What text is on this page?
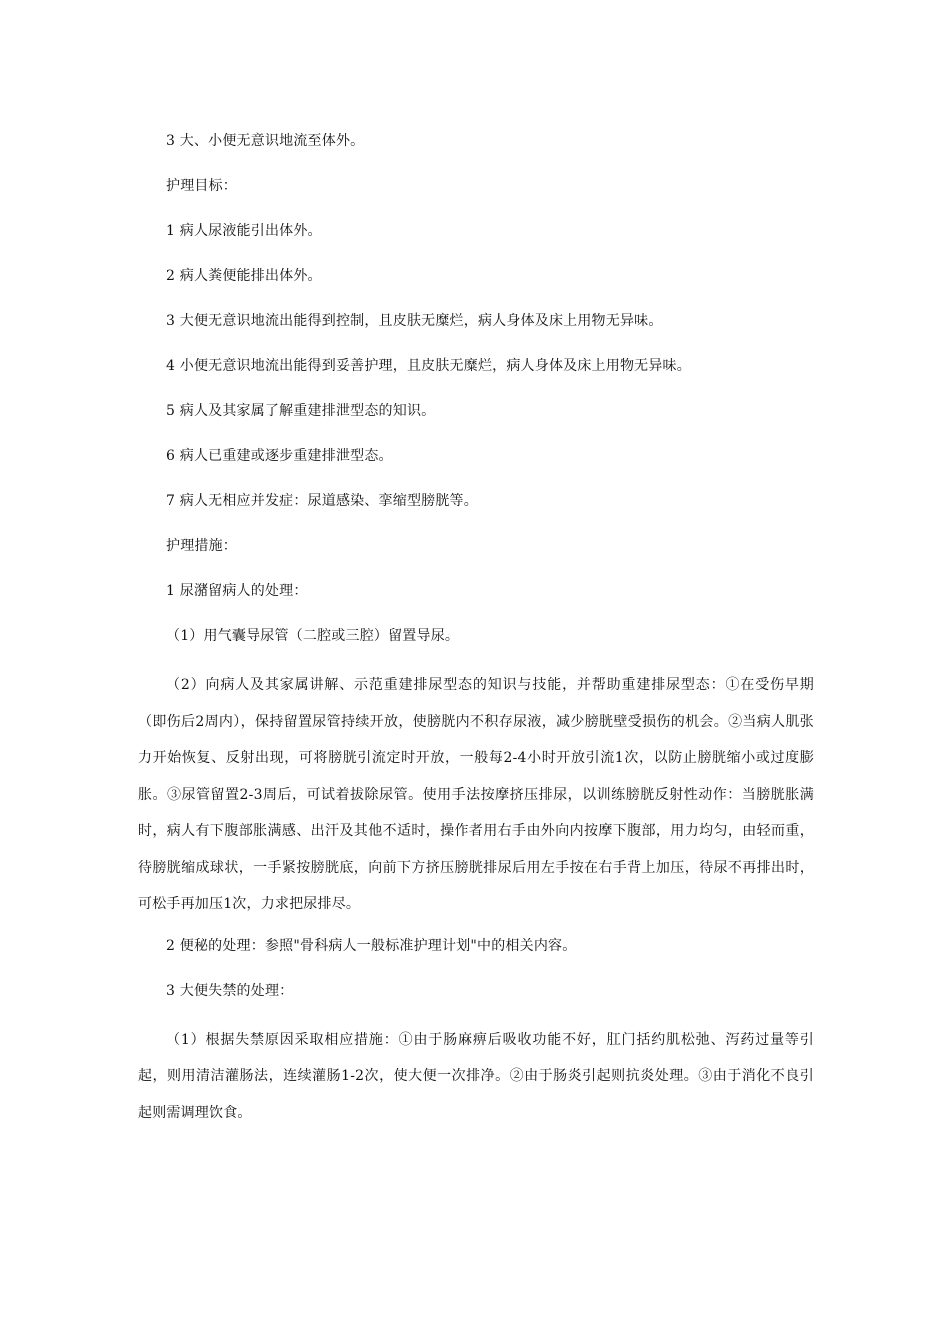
3 大、小便无意识地流至体外。

护理目标：

1 病人尿液能引出体外。

2 病人粪便能排出体外。

3 大便无意识地流出能得到控制，且皮肤无糜烂，病人身体及床上用物无异味。

4 小便无意识地流出能得到妥善护理，且皮肤无糜烂，病人身体及床上用物无异味。

5 病人及其家属了解重建排泄型态的知识。

6 病人已重建或逐步重建排泄型态。

7 病人无相应并发症：尿道感染、挛缩型膀胱等。

护理措施：

1 尿潴留病人的处理：

（1）用气囊导尿管（二腔或三腔）留置导尿。

（2）向病人及其家属讲解、示范重建排尿型态的知识与技能，并帮助重建排尿型态：①在受伤早期（即伤后2周内），保持留置尿管持续开放，使膀胱内不积存尿液，减少膀胱壁受损伤的机会。②当病人肌张力开始恢复、反射出现，可将膀胱引流定时开放，一般每2-4小时开放引流1次，以防止膀胱缩小或过度膨胀。③尿管留置2-3周后，可试着拔除尿管。使用手法按摩挤压排尿，以训练膀胱反射性动作：当膀胱胀满时，病人有下腹部胀满感、出汗及其他不适时，操作者用右手由外向内按摩下腹部，用力均匀，由轻而重，待膀胱缩成球状，一手紧按膀胱底，向前下方挤压膀胱排尿后用左手按在右手背上加压，待尿不再排出时，可松手再加压1次，力求把尿排尽。

2 便秘的处理：参照"骨科病人一般标准护理计划"中的相关内容。

3 大便失禁的处理：

（1）根据失禁原因采取相应措施：①由于肠麻痹后吸收功能不好，肛门括约肌松弛、泻药过量等引起，则用清洁灌肠法，连续灌肠1-2次，使大便一次排净。②由于肠炎引起则抗炎处理。③由于消化不良引起则需调理饮食。
